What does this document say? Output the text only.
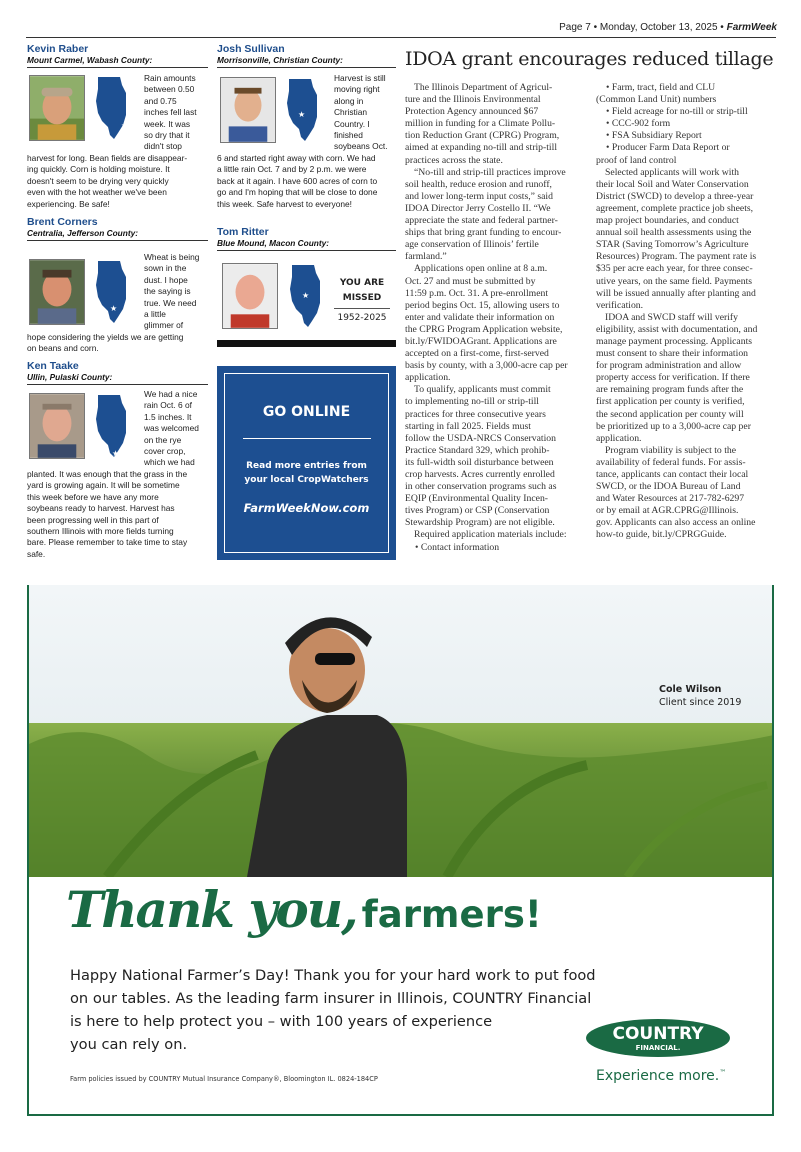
Page 7 • Monday, October 13, 2025 • FarmWeek
Kevin Raber
Mount Carmel, Wabash County:
★
Rain amounts
between 0.50
and 0.75
inches fell last
week. It was
so dry that it
didn't stop
harvest for long. Bean fields are disappear-
ing quickly. Corn is holding moisture. It
doesn't seem to be drying very quickly
even with the hot weather we've been
experiencing. Be safe!
Brent Corners
Centralia, Jefferson County:
★
Wheat is being
sown in the
dust. I hope
the saying is
true. We need
a little
glimmer of
hope considering the yields we are getting
on beans and corn.
Ken Taake
Ullin, Pulaski County:
★
We had a nice
rain Oct. 6 of
1.5 inches. It
was welcomed
on the rye
cover crop,
which we had
planted. It was enough that the grass in the
yard is growing again. It will be sometime
this week before we have any more
soybeans ready to harvest. Harvest has
been progressing well in this part of
southern Illinois with more fields turning
bare. Please remember to take time to stay
safe.
Josh Sullivan
Morrisonville, Christian County:
★
Harvest is still
moving right
along in
Christian
Country. I
finished
soybeans Oct.
6 and started right away with corn. We had
a little rain Oct. 7 and by 2 p.m. we were
back at it again. I have 600 acres of corn to
go and I'm hoping that will be close to done
this week. Safe harvest to everyone!
Tom Ritter
Blue Mound, Macon County:
★
YOU ARE
MISSED
1952-2025
GO ONLINE
Read more entries from
your local CropWatchers
FarmWeekNow.com
IDOA grant encourages reduced tillage
The Illinois Department of Agricul-
ture and the Illinois Environmental
Protection Agency announced $67
million in funding for a Climate Pollu-
tion Reduction Grant (CPRG) Program,
aimed at expanding no-till and strip-till
practices across the state.
“No-till and strip-till practices improve
soil health, reduce erosion and runoff,
and lower long-term input costs,” said
IDOA Director Jerry Costello II. “We
appreciate the state and federal partner-
ships that bring grant funding to encour-
age conservation of Illinois’ fertile
farmland.”
Applications open online at 8 a.m.
Oct. 27 and must be submitted by
11:59 p.m. Oct. 31. A pre-enrollment
period begins Oct. 15, allowing users to
enter and validate their information on
the CPRG Program Application website,
bit.ly/FWIDOAGrant. Applications are
accepted on a first-come, first-served
basis by county, with a 3,000-acre cap per
application.
To qualify, applicants must commit
to implementing no-till or strip-till
practices for three consecutive years
starting in fall 2025. Fields must
follow the USDA-NRCS Conservation
Practice Standard 329, which prohib-
its full-width soil disturbance between
crop harvests. Acres currently enrolled
in other conservation programs such as
EQIP (Environmental Quality Incen-
tives Program) or CSP (Conservation
Stewardship Program) are not eligible.
Required application materials include:
• Contact information
• Farm, tract, field and CLU
(Common Land Unit) numbers
• Field acreage for no-till or strip-till
• CCC-902 form
• FSA Subsidiary Report
• Producer Farm Data Report or
proof of land control
Selected applicants will work with
their local Soil and Water Conservation
District (SWCD) to develop a three-year
agreement, complete practice job sheets,
map project boundaries, and conduct
annual soil health assessments using the
STAR (Saving Tomorrow’s Agriculture
Resources) Program. The payment rate is
$35 per acre each year, for three consec-
utive years, on the same field. Payments
will be issued annually after planting and
verification.
IDOA and SWCD staff will verify
eligibility, assist with documentation, and
manage payment processing. Applicants
must consent to share their information
for program administration and allow
property access for verification. If there
are remaining program funds after the
first application per county is verified,
the second application per county will
be prioritized up to a 3,000-acre cap per
application.
Program viability is subject to the
availability of federal funds. For assis-
tance, applicants can contact their local
SWCD, or the IDOA Bureau of Land
and Water Resources at 217-782-6297
or by email at AGR.CPRG@Illinois.
gov. Applicants can also access an online
how-to guide, bit.ly/CPRGGuide.
Cole Wilson
Client since 2019
Thank you, farmers!
Happy National Farmer’s Day! Thank you for your hard work to put food
on our tables. As the leading farm insurer in Illinois, COUNTRY Financial
is here to help protect you – with 100 years of experience
you can rely on.
Farm policies issued by COUNTRY Mutual Insurance Company®, Bloomington IL. 0824-184CP
COUNTRY
FINANCIAL.
Experience more.™
